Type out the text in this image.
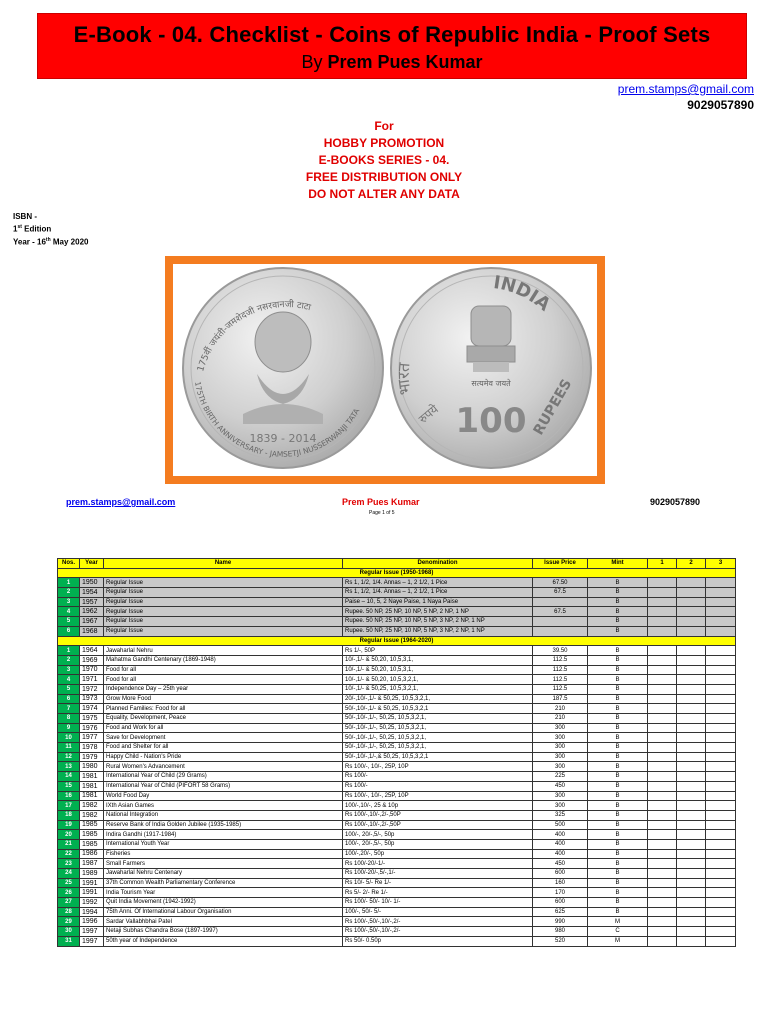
E-Book - 04. Checklist - Coins of Republic India - Proof Sets
By Prem Pues Kumar
prem.stamps@gmail.com
9029057890
For
HOBBY PROMOTION
E-BOOKS SERIES - 04.
FREE DISTRIBUTION ONLY
DO NOT ALTER ANY DATA
ISBN -
1st Edition
Year - 16th May 2020
175वीं जयंती-जमशेदजी नसरवानजी टाटा
175TH BIRTH ANNIVERSARY - JAMSETJI NUSSERWANJI TATA
1839 - 2014
भारत
INDIA
सत्यमेव जयते
100
रुपये	RUPEES
prem.stamps@gmail.com	Prem Pues Kumar	9029057890
Page 1 of 5
Nos.	Year	Name	Denomination	Issue Price	Mint	1	2	3
Regular Issue (1950-1968)								
1	1950	Regular Issue	Rs 1, 1/2, 1/4. Annas – 1, 2 1/2, 1 Pice	67.50	B			
2	1954	Regular Issue	Rs 1, 1/2, 1/4. Annas – 1, 2 1/2, 1 Pice	67.5	B			
3	1957	Regular Issue	Paise – 10, 5, 2 Naye Paise, 1 Naya Paise		B			
4	1962	Regular Issue	Rupee. 50 NP, 25 NP, 10 NP, 5 NP, 2 NP, 1 NP	67.5	B			
5	1967	Regular Issue	Rupee. 50 NP, 25 NP, 10 NP, 5 NP, 3 NP, 2 NP, 1 NP		B			
6	1968	Regular Issue	Rupee. 50 NP, 25 NP, 10 NP, 5 NP, 3 NP, 2 NP, 1 NP		B			
Regular Issue (1964-2020)								
1	1964	Jawaharlal Nehru	Rs 1/-, 50P	39.50	B			
2	1969	Mahatma Gandhi Centenary (1869-1948)	10/-,1/- & 50,20, 10,5,3,1,	112.5	B			
3	1970	Food for all	10/-,1/- & 50,20, 10,5,3,1,	112.5	B			
4	1971	Food for all	10/-,1/- & 50,20, 10,5,3,2,1,	112.5	B			
5	1972	Independence Day – 25th year	10/-,1/- & 50,25, 10,5,3,2,1,	112.5	B			
6	1973	Grow More Food	20/-,10/-,1/- & 50,25, 10,5,3,2,1,	187.5	B			
7	1974	Planned Families: Food for all	50/-,10/-,1/- & 50,25, 10,5,3,2,1	210	B			
8	1975	Equality, Development, Peace	50/-,10/-,1/-, 50,25, 10,5,3,2,1,	210	B			
9	1976	Food and Work for all	50/-,10/-,1/-, 50,25, 10,5,3,2,1,	300	B			
10	1977	Save for Development	50/-,10/-,1/-, 50,25, 10,5,3,2,1,	300	B			
11	1978	Food and Shelter for all	50/-,10/-,1/-, 50,25, 10,5,3,2,1,	300	B			
12	1979	Happy Child - Nation's Pride	50/-,10/-,1/-,& 50,25, 10,5,3,2,1	300	B			
13	1980	Rural Women's Advancement	Rs 100/-, 10/-, 25P, 10P	300	B			
14	1981	International Year of Child (29 Grams)	Rs 100/-	225	B			
15	1981	International Year of Child (PIFORT 58 Grams)	Rs 100/-	450	B			
16	1981	World Food Day	Rs 100/-, 10/-, 25P, 10P	300	B			
17	1982	IXth Asian Games	100/-,10/-, 25 & 10p	300	B			
18	1982	National Integration	Rs 100/-,10/-,2/-,50P	325	B			
19	1985	Reserve Bank of India Golden Jubilee (1935-1985)	Rs 100/-,10/-,2/-,50P	500	B			
20	1985	Indira Gandhi (1917-1984)	100/-, 20/-,5/-, 50p	400	B			
21	1985	International Youth Year	100/-, 20/-,5/-, 50p	400	B			
22	1986	Fisheries	100/-,20/-, 50p	400	B			
23	1987	Small Farmers	Rs 100/-20/-1/-	450	B			
24	1989	Jawaharlal Nehru Centenary	Rs 100/-20/-,5/-,1/-	600	B			
25	1991	37th Common Wealth Parliamentary Conference	Rs 10/- 5/- Re 1/-	160	B			
26	1991	India Tourism Year	Rs 5/- 2/- Re 1/-	170	B			
27	1992	Quit India Movement (1942-1992)	Rs 100/- 50/- 10/- 1/-	600	B			
28	1994	75th Anni. Of International Labour Organisation	100/-, 50/- 5/-	625	B			
29	1996	Sardar Vallabhbhai Patel	Rs 100/-,50/-,10/-,2/-	990	M			
30	1997	Netaji Subhas Chandra Bose (1897-1997)	Rs 100/-,50/-,10/-,2/-	980	C			
31	1997	50th year of Independence	Rs 50/- 0.50p	520	M			
